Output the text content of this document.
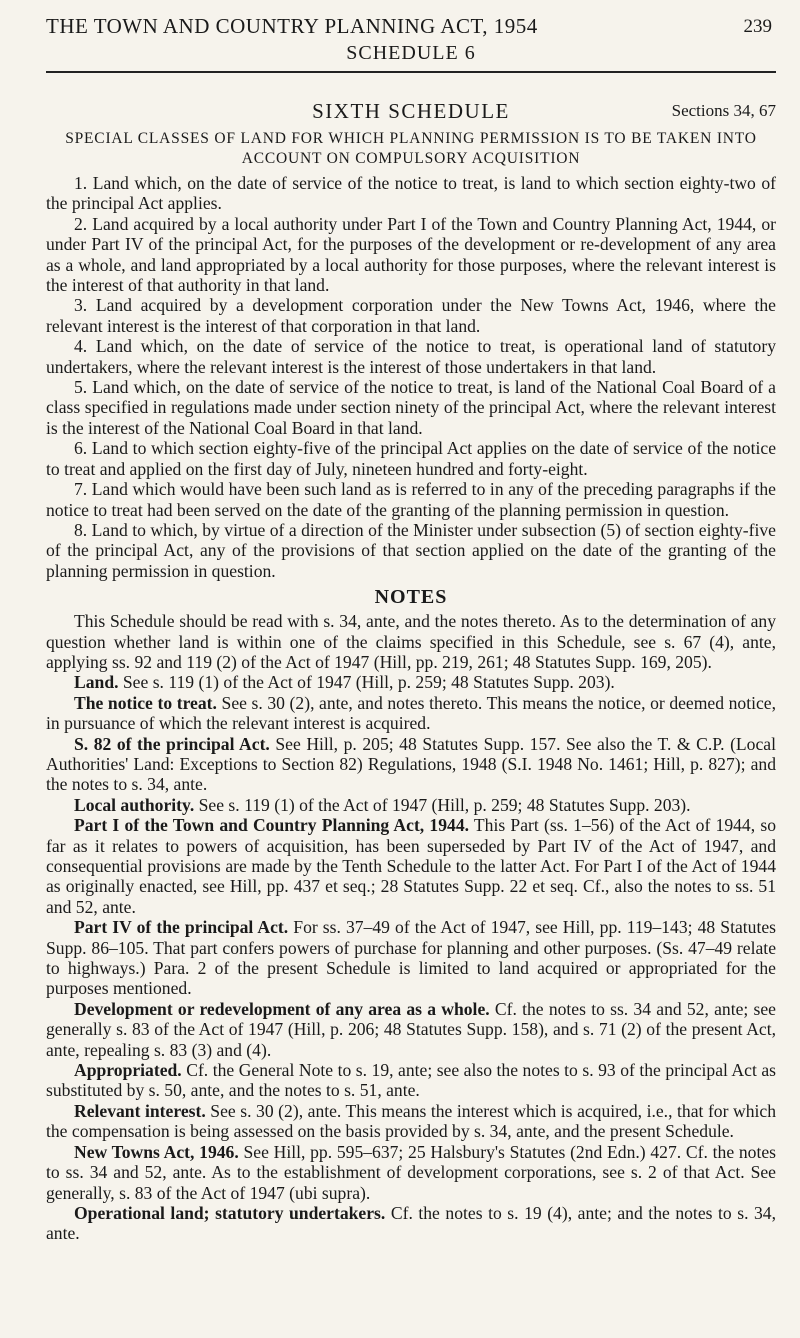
THE TOWN AND COUNTRY PLANNING ACT, 1954	239
SCHEDULE 6
SIXTH SCHEDULE	Sections 34, 67
SPECIAL CLASSES OF LAND FOR WHICH PLANNING PERMISSION IS TO BE TAKEN INTO ACCOUNT ON COMPULSORY ACQUISITION

1. Land which, on the date of service of the notice to treat, is land to which section eighty-two of the principal Act applies.

2. Land acquired by a local authority under Part I of the Town and Country Planning Act, 1944, or under Part IV of the principal Act, for the purposes of the development or re-development of any area as a whole, and land appropriated by a local authority for those purposes, where the relevant interest is the interest of that authority in that land.

3. Land acquired by a development corporation under the New Towns Act, 1946, where the relevant interest is the interest of that corporation in that land.

4. Land which, on the date of service of the notice to treat, is operational land of statutory undertakers, where the relevant interest is the interest of those undertakers in that land.

5. Land which, on the date of service of the notice to treat, is land of the National Coal Board of a class specified in regulations made under section ninety of the principal Act, where the relevant interest is the interest of the National Coal Board in that land.

6. Land to which section eighty-five of the principal Act applies on the date of service of the notice to treat and applied on the first day of July, nineteen hundred and forty-eight.

7. Land which would have been such land as is referred to in any of the preceding paragraphs if the notice to treat had been served on the date of the granting of the planning permission in question.

8. Land to which, by virtue of a direction of the Minister under subsection (5) of section eighty-five of the principal Act, any of the provisions of that section applied on the date of the granting of the planning permission in question.

NOTES

This Schedule should be read with s. 34, ante, and the notes thereto. As to the determination of any question whether land is within one of the claims specified in this Schedule, see s. 67 (4), ante, applying ss. 92 and 119 (2) of the Act of 1947 (Hill, pp. 219, 261; 48 Statutes Supp. 169, 205).

Land. See s. 119 (1) of the Act of 1947 (Hill, p. 259; 48 Statutes Supp. 203).

The notice to treat. See s. 30 (2), ante, and notes thereto. This means the notice, or deemed notice, in pursuance of which the relevant interest is acquired.

S. 82 of the principal Act. See Hill, p. 205; 48 Statutes Supp. 157. See also the T. & C.P. (Local Authorities' Land: Exceptions to Section 82) Regulations, 1948 (S.I. 1948 No. 1461; Hill, p. 827); and the notes to s. 34, ante.

Local authority. See s. 119 (1) of the Act of 1947 (Hill, p. 259; 48 Statutes Supp. 203).

Part I of the Town and Country Planning Act, 1944. This Part (ss. 1–56) of the Act of 1944, so far as it relates to powers of acquisition, has been superseded by Part IV of the Act of 1947, and consequential provisions are made by the Tenth Schedule to the latter Act. For Part I of the Act of 1944 as originally enacted, see Hill, pp. 437 et seq.; 28 Statutes Supp. 22 et seq. Cf., also the notes to ss. 51 and 52, ante.

Part IV of the principal Act. For ss. 37–49 of the Act of 1947, see Hill, pp. 119–143; 48 Statutes Supp. 86–105. That part confers powers of purchase for planning and other purposes. (Ss. 47–49 relate to highways.) Para. 2 of the present Schedule is limited to land acquired or appropriated for the purposes mentioned.

Development or redevelopment of any area as a whole. Cf. the notes to ss. 34 and 52, ante; see generally s. 83 of the Act of 1947 (Hill, p. 206; 48 Statutes Supp. 158), and s. 71 (2) of the present Act, ante, repealing s. 83 (3) and (4).

Appropriated. Cf. the General Note to s. 19, ante; see also the notes to s. 93 of the principal Act as substituted by s. 50, ante, and the notes to s. 51, ante.

Relevant interest. See s. 30 (2), ante. This means the interest which is acquired, i.e., that for which the compensation is being assessed on the basis provided by s. 34, ante, and the present Schedule.

New Towns Act, 1946. See Hill, pp. 595–637; 25 Halsbury's Statutes (2nd Edn.) 427. Cf. the notes to ss. 34 and 52, ante. As to the establishment of development corporations, see s. 2 of that Act. See generally, s. 83 of the Act of 1947 (ubi supra).

Operational land; statutory undertakers. Cf. the notes to s. 19 (4), ante; and the notes to s. 34, ante.
